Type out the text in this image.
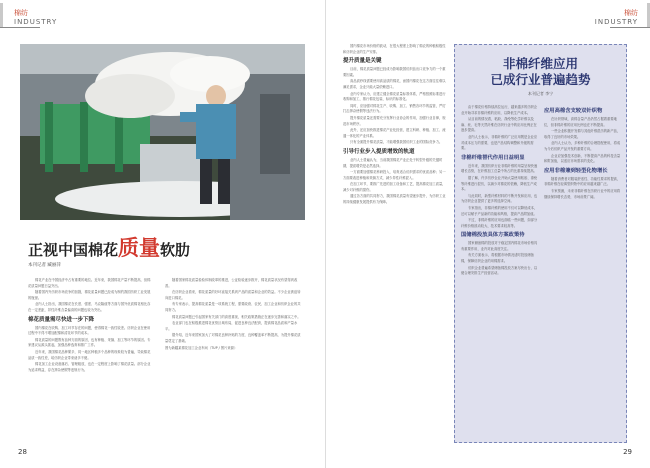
棉纺
INDUSTRY
正视中国棉花质量软肋
本刊记者 臧丽萍

棉花产业在中国经济中占有重要的地位。近年来，我国棉花产量不断提高，但棉花质量问题日益突出。

随着国内外纺织市场竞争的加剧，棉花质量问题已经成为制约我国纺织工业发展的瓶颈。

业内人士指出，我国棉花在长度、强度、马克隆值等方面与国外优质棉花相比存在一定差距，异性纤维含量偏高的问题也较为突出。

棉花质量需尽快进一步下降

国内棉花在收购、加工环节存在的问题，使得棉花一致性较差。纺织企业在使用过程中不得不增加配棉和清花环节的成本。

棉花质量的问题既有品种方面的原因，也有种植、采摘、加工等环节的原因。专家建议从源头抓起，加强品种选育和推广工作。

近年来，我国棉花品种繁多，同一地区种植多个品种的现象较为普遍，导致棉花品质一致性差，给纺织企业带来诸多不便。

棉花加工企业设备落后、管理粗放，也在一定程度上影响了棉花质量。部分企业为追求利益，存在掺杂使假等违规行为。

随着国家棉花质量检验体制改革的推进，公证检验逐步推开，棉花质量状况有望得到改善。

在纺织企业看来，棉花质量的好坏直接关系到产品的质量和企业的效益。不少企业被迫转向进口棉花。

有专家表示，提高棉花质量是一项系统工程，需要政府、农民、加工企业和纺织企业的共同努力。

棉花质量问题已引起国家有关部门的高度重视，相关政策措施正在逐步完善和落实之中。

农业部门也在积极推进棉花优势区域布局，促进良种良法配套，提高棉花品质和产量水平。

据介绍，近年来国家加大了对棉花良种补贴的力度，良种覆盖率不断提高，为提升棉花质量奠定了基础。

图为新疆某棉花加工企业车间（TUP / 图片来源）

28
棉纺
INDUSTRY

国内棉花市场价格的波动，在很大程度上影响了棉农的种植积极性和纺织企业的生产安排。

提升质量是关键

目前，棉花质量问题已经成为影响我国纺织品出口竞争力的一个重要因素。

高品质纱线需要使用高品质的棉花，而国内棉花在这方面往往难以满足需求，企业只能大量依赖进口。

业内专家认为，应建立健全棉花质量标准体系，严格按照标准进行收购和加工，推行棉花包装、标识的标准化。

同时，应加强对棉花生产、收购、加工、销售各环节的监管，严厉打击掺杂使假等违法行为。

提升棉花质量还需要充分发挥行业协会的作用，加强行业自律，规范市场秩序。

此外，还应加快推进棉花产业化经营，建立科研、种植、加工、流通一体化的产业体系。

只有全面提升棉花质量，才能增强我国纺织工业的国际竞争力。

引导行业步入提质增效的轨道

业内人士普遍认为，当前我国棉花产业正处于转型升级的关键时期，提质增效是必然选择。

一方面要加强棉花科研投入，培育适合纺织需求的优质品种；另一方面要改进种植和采摘方式，减少异性纤维混入。

在加工环节，要推广先进的加工设备和工艺，提高棉花加工质量，减少对纤维的损伤。

通过各方面的共同努力，我国棉花质量有望逐步提升，为纺织工业的持续健康发展提供有力保障。

29
非棉纤维应用
已成行业普遍趋势
本刊记者 李宁

由于棉花价格持续高位运行，越来越多的纺织企业开始寻求非棉纤维的应用，以降低生产成本。

从目前的情况看，粘胶、涤纶等化学纤维以及麻、丝、毛等天然纤维在纺织行业中的应用比例正在逐步提高。

业内人士表示，非棉纤维的广泛应用既是企业应对成本压力的需要，也是产品结构调整和升级的需要。

非棉纤维替代作用日益明显

近年来，我国纺织行业非棉纤维的用量呈现快速增长态势，在纤维加工总量中所占的比重持续提高。

据了解，许多纺纱企业开始大量使用粘胶、涤纶等纤维进行混纺，以减少对棉花的依赖，降低生产成本。

与此同时，新型纤维材料的不断开发和应用，也为纺织企业提供了更多的选择空间。

专家指出，非棉纤维的使用不仅可以降低成本，还可以赋予产品新的功能和风格，提高产品附加值。

不过，非棉纤维的应用也面临一些问题，如部分纤维价格波动较大、技术要求较高等。

国储棉投放具体方案政策待

国家储备棉的投放对于稳定国内棉花市场价格具有重要作用，业内对此高度关注。

有关方面表示，将根据市场情况适时投放储备棉，保障纺织企业的用棉需求。

纺织企业普遍希望储备棉投放方案尽快出台，以便合理安排生产经营活动。

应用高棉含支较双针织物

在针织领域，高棉含量产品仍然占据着重要地位，但非棉纤维的应用比例也在不断提高。

一些企业积极开发棉与其他纤维混纺的新产品，取得了良好的市场效果。

业内人士认为，多种纤维的合理搭配使用，将成为今后纺织产品开发的重要方向。

企业应加强技术创新，不断提高产品的科技含量和附加值，以适应市场需求的变化。

应用非棉兼到轻型化物增长

随着消费者对服装舒适性、功能性要求的提高，非棉纤维在轻薄型织物中的应用越来越广泛。

专家预测，未来非棉纤维在纺织行业中的应用将继续保持增长态势，市场前景广阔。
